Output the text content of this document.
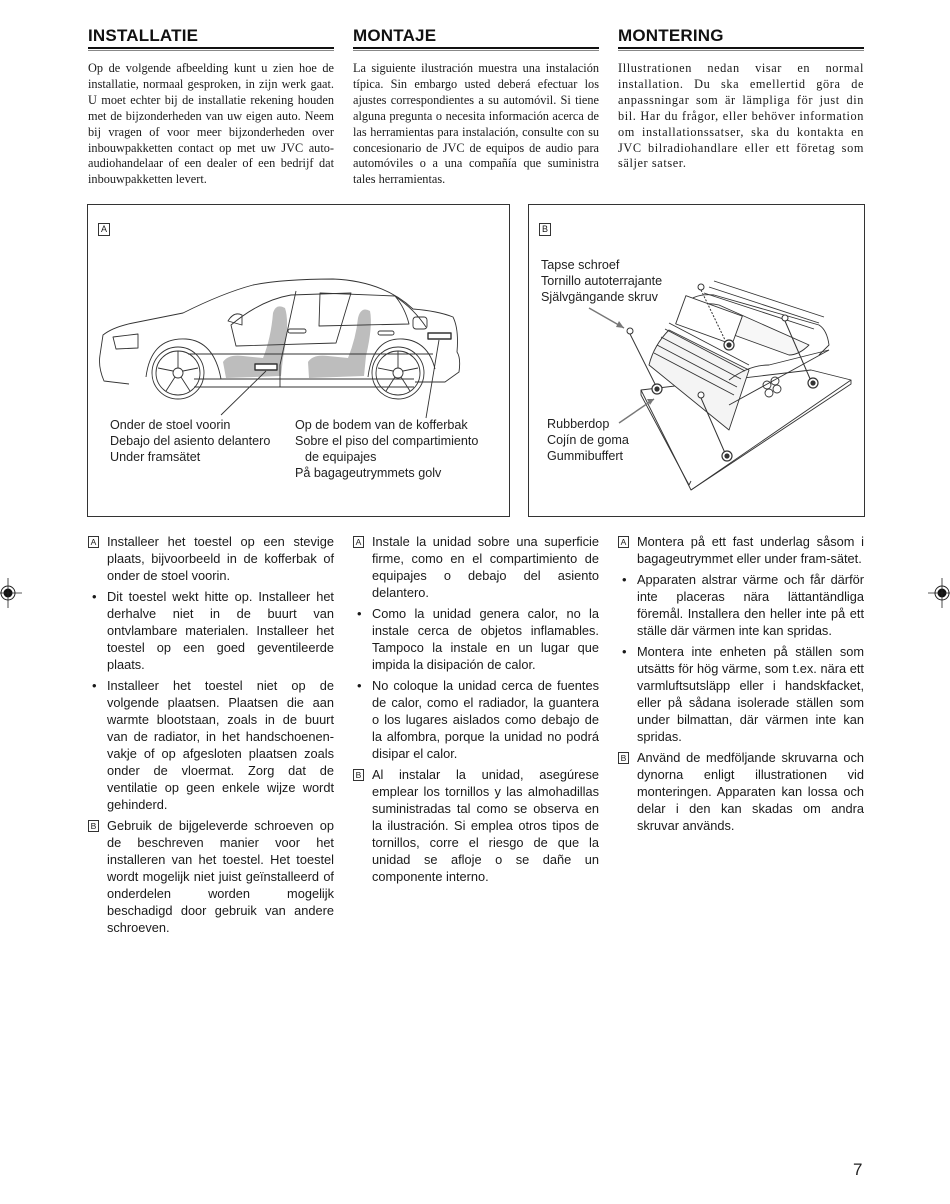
INSTALLATIE

Op de volgende afbeelding kunt u zien hoe de installatie, normaal gesproken, in zijn werk gaat. U moet echter bij de installatie rekening houden met de bijzonderheden van uw eigen auto. Neem bij vragen of voor meer bijzonderheden over inbouwpakketten contact op met uw JVC auto-audiohandelaar of een dealer of een bedrijf dat inbouwpakketten levert.

MONTAJE

La siguiente ilustración muestra una instalación típica. Sin embargo usted deberá efectuar los ajustes correspondientes a su automóvil. Si tiene alguna pregunta o necesita información acerca de las herramientas para instalación, consulte con su concesionario de JVC de equipos de audio para automóviles o a una compañía que suministra tales herramientas.

MONTERING

Illustrationen nedan visar en normal installation. Du ska emellertid göra de anpassningar som är lämpliga för just din bil. Har du frågor, eller behöver information om installationssatser, ska du kontakta en JVC bilradiohandlare eller ett företag som säljer satser.

A
Onder de stoel voorin
Debajo del asiento delantero
Under framsätet
Op de bodem van de kofferbak
Sobre el piso del compartimiento
de equipajes
På bagageutrymmets golv
B
Tapse schroef
Tornillo autoterrajante
Självgängande skruv
Rubberdop
Cojín de goma
Gummibuffert
A Installeer het toestel op een stevige plaats, bijvoorbeeld in de kofferbak of onder de stoel voorin.
• Dit toestel wekt hitte op. Installeer het derhalve niet in de buurt van ontvlambare materialen. Installeer het toestel op een goed geventileerde plaats.
• Installeer het toestel niet op de volgende plaatsen. Plaatsen die aan warmte blootstaan, zoals in de buurt van de radiator, in het handschoenen-vakje of op afgesloten plaatsen zoals onder de vloermat. Zorg dat de ventilatie op geen enkele wijze wordt gehinderd.
B Gebruik de bijgeleverde schroeven op de beschreven manier voor het installeren van het toestel. Het toestel wordt mogelijk niet juist geïnstalleerd of onderdelen worden mogelijk beschadigd door gebruik van andere schroeven.
A Instale la unidad sobre una superficie firme, como en el compartimiento de equipajes o debajo del asiento delantero.
• Como la unidad genera calor, no la instale cerca de objetos inflamables. Tampoco la instale en un lugar que impida la disipación de calor.
• No coloque la unidad cerca de fuentes de calor, como el radiador, la guantera o los lugares aislados como debajo de la alfombra, porque la unidad no podrá disipar el calor.
B Al instalar la unidad, asegúrese emplear los tornillos y las almohadillas suministradas tal como se observa en la ilustración. Si emplea otros tipos de tornillos, corre el riesgo de que la unidad se afloje o se dañe un componente interno.
A Montera på ett fast underlag såsom i bagageutrymmet eller under fram-sätet.
• Apparaten alstrar värme och får därför inte placeras nära lättantändliga föremål. Installera den heller inte på ett ställe där värmen inte kan spridas.
• Montera inte enheten på ställen som utsätts för hög värme, som t.ex. nära ett varmluftsutsläpp eller i handskfacket, eller på sådana isolerade ställen som under bilmattan, där värmen inte kan spridas.
B Använd de medföljande skruvarna och dynorna enligt illustrationen vid monteringen. Apparaten kan lossa och delar i den kan skadas om andra skruvar används.
7
